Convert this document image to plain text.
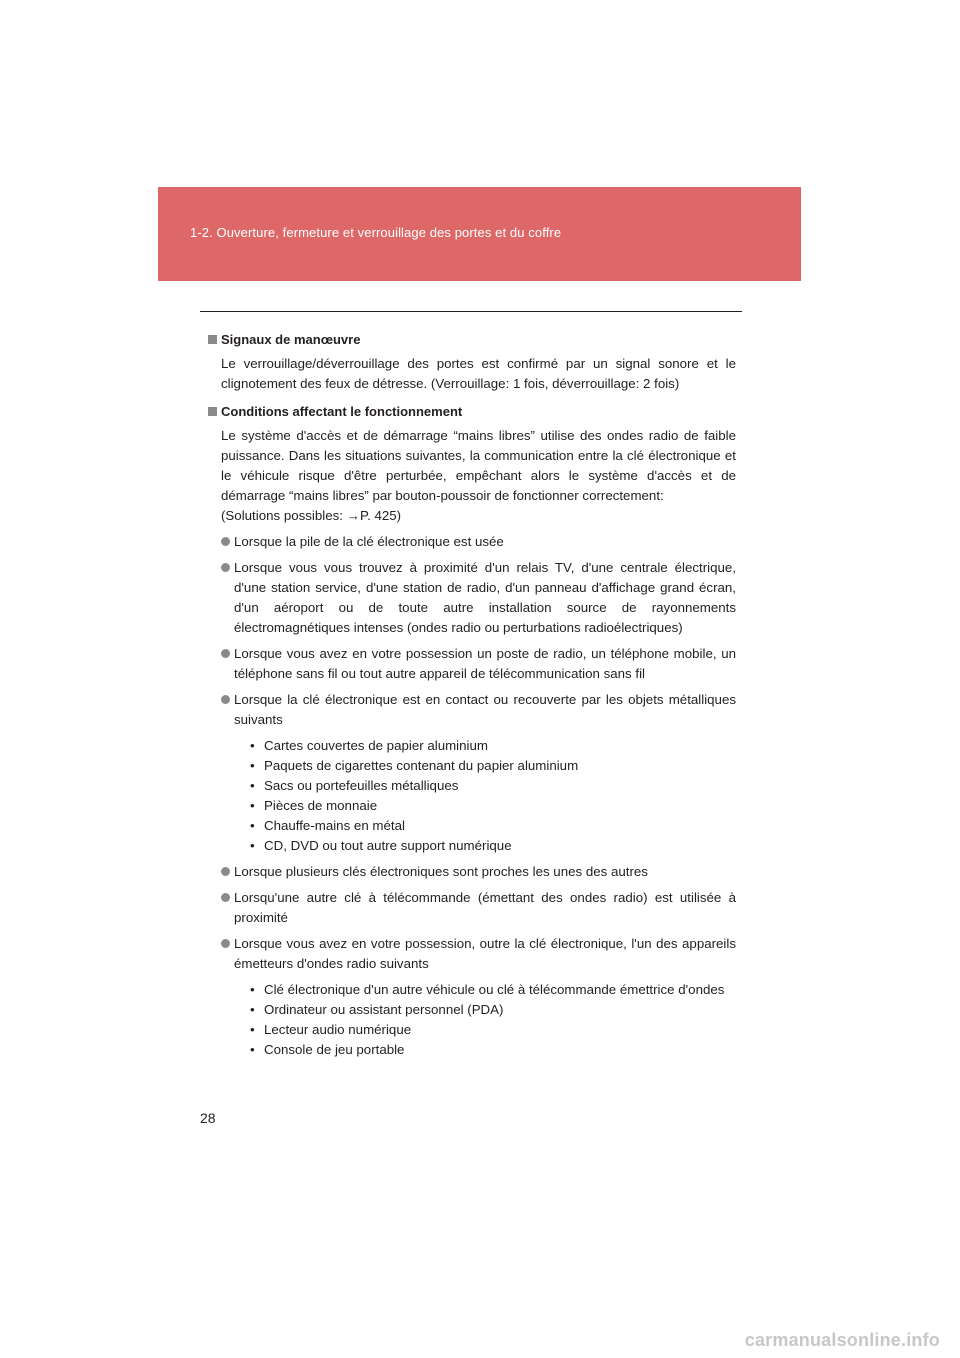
1-2. Ouverture, fermeture et verrouillage des portes et du coffre
Signaux de manœuvre
Le verrouillage/déverrouillage des portes est confirmé par un signal sonore et le clignotement des feux de détresse. (Verrouillage: 1 fois, déverrouillage: 2 fois)
Conditions affectant le fonctionnement
Le système d'accès et de démarrage “mains libres” utilise des ondes radio de faible puissance. Dans les situations suivantes, la communication entre la clé électronique et le véhicule risque d'être perturbée, empêchant alors le système d'accès et de démarrage “mains libres” par bouton-poussoir de fonctionner correctement:
(Solutions possibles: →P. 425)
Lorsque la pile de la clé électronique est usée
Lorsque vous vous trouvez à proximité d'un relais TV, d'une centrale électrique, d'une station service, d'une station de radio, d'un panneau d'affichage grand écran, d'un aéroport ou de toute autre installation source de rayonnements électromagnétiques intenses (ondes radio ou perturbations radioélectriques)
Lorsque vous avez en votre possession un poste de radio, un téléphone mobile, un téléphone sans fil ou tout autre appareil de télécommunication sans fil
Lorsque la clé électronique est en contact ou recouverte par les objets métalliques suivants
• Cartes couvertes de papier aluminium
• Paquets de cigarettes contenant du papier aluminium
• Sacs ou portefeuilles métalliques
• Pièces de monnaie
• Chauffe-mains en métal
• CD, DVD ou tout autre support numérique
Lorsque plusieurs clés électroniques sont proches les unes des autres
Lorsqu'une autre clé à télécommande (émettant des ondes radio) est utilisée à proximité
Lorsque vous avez en votre possession, outre la clé électronique, l'un des appareils émetteurs d'ondes radio suivants
• Clé électronique d'un autre véhicule ou clé à télécommande émettrice d'ondes
• Ordinateur ou assistant personnel (PDA)
• Lecteur audio numérique
• Console de jeu portable
28
carmanualsonline.info
